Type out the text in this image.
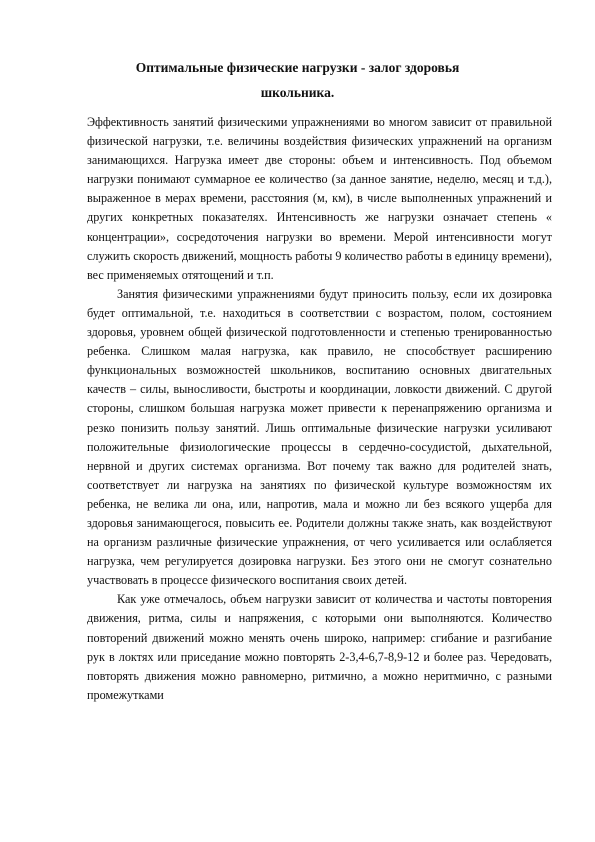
Оптимальные физические нагрузки - залог здоровья
школьника.

Эффективность занятий физическими упражнениями во многом зависит от правильной физической нагрузки, т.е. величины воздействия физических упражнений на организм занимающихся. Нагрузка имеет две стороны: объем и интенсивность. Под объемом нагрузки понимают суммарное ее количество (за данное занятие, неделю, месяц и т.д.), выраженное в мерах времени, расстояния (м, км), в числе выполненных упражнений и других конкретных показателях. Интенсивность же нагрузки означает степень « концентрации», сосредоточения нагрузки во времени. Мерой интенсивности могут служить скорость движений, мощность работы 9 количество работы в единицу времени), вес применяемых отятощений и т.п.

Занятия физическими упражнениями будут приносить пользу, если их дозировка будет оптимальной, т.е. находиться в соответствии с возрастом, полом, состоянием здоровья, уровнем общей физической подготовленности и степенью тренированностью ребенка. Слишком малая нагрузка, как правило, не способствует расширению функциональных возможностей школьников, воспитанию основных двигательных качеств – силы, выносливости, быстроты и координации, ловкости движений. С другой стороны, слишком большая нагрузка может привести к перенапряжению организма и резко понизить пользу занятий. Лишь оптимальные физические нагрузки усиливают положительные физиологические процессы в сердечно-сосудистой, дыхательной, нервной и других системах организма. Вот почему так важно для родителей знать, соответствует ли нагрузка на занятиях по физической культуре возможностям их ребенка, не велика ли она, или, напротив, мала и можно ли без всякого ущерба для здоровья занимающегося, повысить ее. Родители должны также знать, как воздействуют на организм различные физические упражнения, от чего усиливается или ослабляется нагрузка, чем регулируется дозировка нагрузки. Без этого они не смогут сознательно участвовать в процессе физического воспитания своих детей.

Как уже отмечалось, объем нагрузки зависит от количества и частоты повторения движения, ритма, силы и напряжения, с которыми они выполняются. Количество повторений движений можно менять очень широко, например: сгибание и разгибание рук в локтях или приседание можно повторять 2-3,4-6,7-8,9-12 и более раз. Чередовать, повторять движения можно равномерно, ритмично, а можно неритмично, с разными промежутками
